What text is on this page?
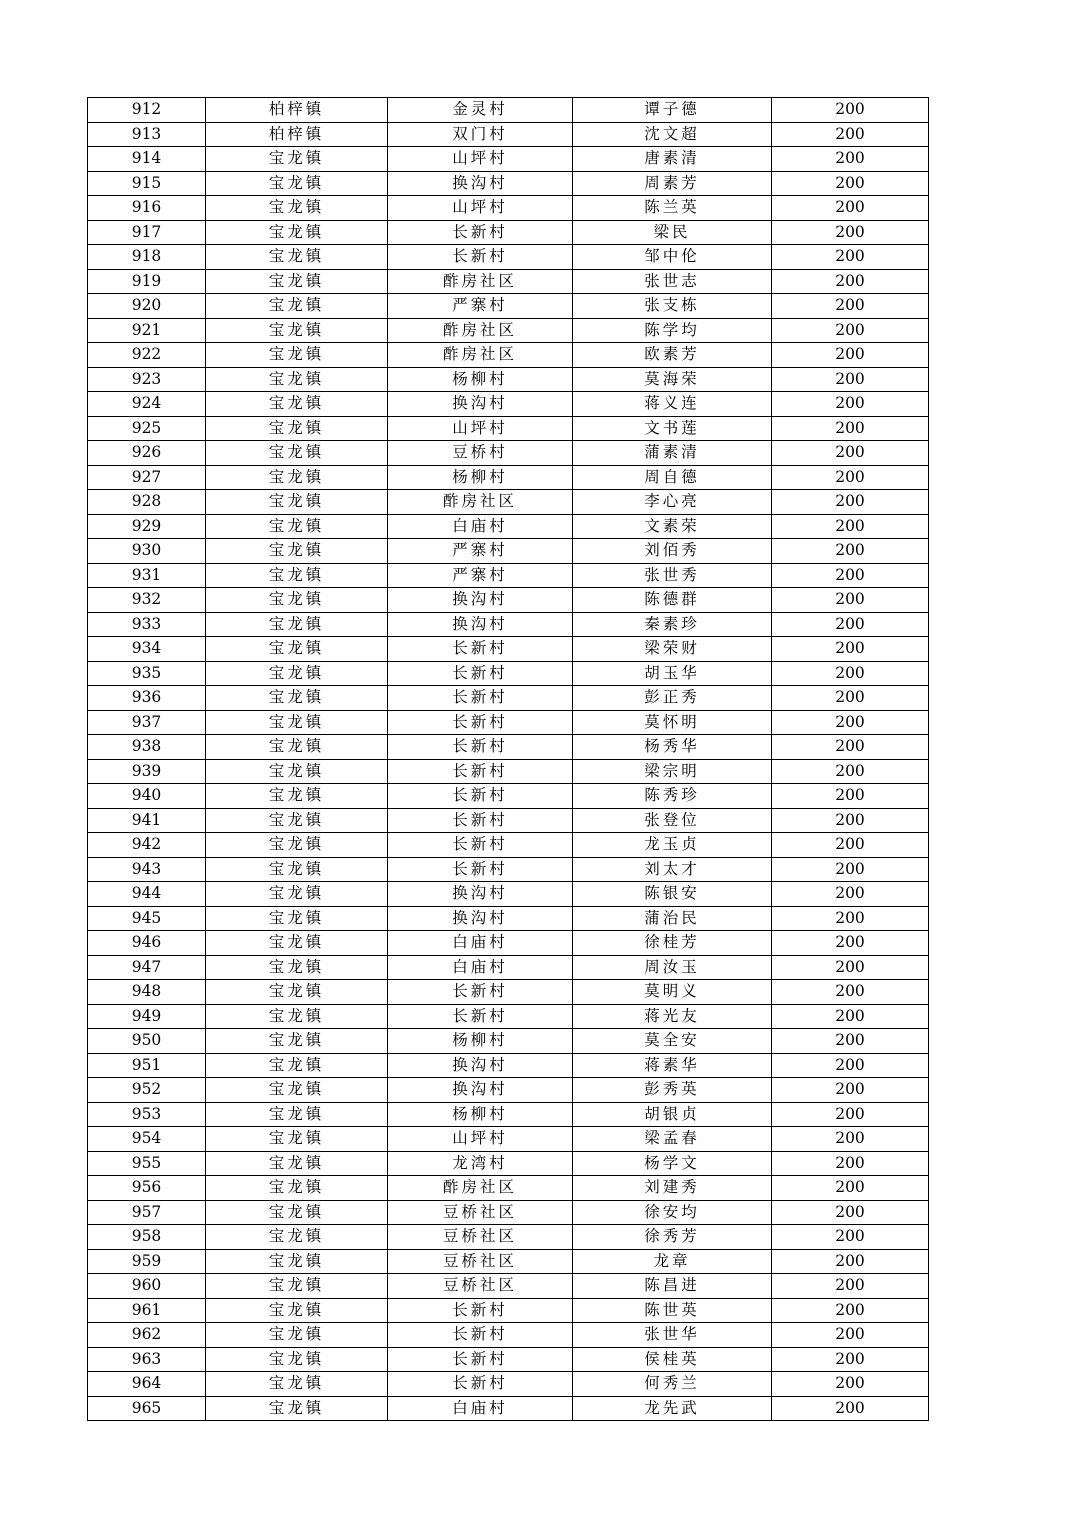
912	柏梓镇	金灵村	谭子德	200
913	柏梓镇	双门村	沈文超	200
914	宝龙镇	山坪村	唐素清	200
915	宝龙镇	换沟村	周素芳	200
916	宝龙镇	山坪村	陈兰英	200
917	宝龙镇	长新村	梁民	200
918	宝龙镇	长新村	邹中伦	200
919	宝龙镇	酢房社区	张世志	200
920	宝龙镇	严寨村	张支栋	200
921	宝龙镇	酢房社区	陈学均	200
922	宝龙镇	酢房社区	欧素芳	200
923	宝龙镇	杨柳村	莫海荣	200
924	宝龙镇	换沟村	蒋义连	200
925	宝龙镇	山坪村	文书莲	200
926	宝龙镇	豆桥村	蒲素清	200
927	宝龙镇	杨柳村	周自德	200
928	宝龙镇	酢房社区	李心亮	200
929	宝龙镇	白庙村	文素荣	200
930	宝龙镇	严寨村	刘佰秀	200
931	宝龙镇	严寨村	张世秀	200
932	宝龙镇	换沟村	陈德群	200
933	宝龙镇	换沟村	秦素珍	200
934	宝龙镇	长新村	梁荣财	200
935	宝龙镇	长新村	胡玉华	200
936	宝龙镇	长新村	彭正秀	200
937	宝龙镇	长新村	莫怀明	200
938	宝龙镇	长新村	杨秀华	200
939	宝龙镇	长新村	梁宗明	200
940	宝龙镇	长新村	陈秀珍	200
941	宝龙镇	长新村	张登位	200
942	宝龙镇	长新村	龙玉贞	200
943	宝龙镇	长新村	刘太才	200
944	宝龙镇	换沟村	陈银安	200
945	宝龙镇	换沟村	蒲治民	200
946	宝龙镇	白庙村	徐桂芳	200
947	宝龙镇	白庙村	周汝玉	200
948	宝龙镇	长新村	莫明义	200
949	宝龙镇	长新村	蒋光友	200
950	宝龙镇	杨柳村	莫全安	200
951	宝龙镇	换沟村	蒋素华	200
952	宝龙镇	换沟村	彭秀英	200
953	宝龙镇	杨柳村	胡银贞	200
954	宝龙镇	山坪村	梁孟春	200
955	宝龙镇	龙湾村	杨学文	200
956	宝龙镇	酢房社区	刘建秀	200
957	宝龙镇	豆桥社区	徐安均	200
958	宝龙镇	豆桥社区	徐秀芳	200
959	宝龙镇	豆桥社区	龙章	200
960	宝龙镇	豆桥社区	陈昌进	200
961	宝龙镇	长新村	陈世英	200
962	宝龙镇	长新村	张世华	200
963	宝龙镇	长新村	侯桂英	200
964	宝龙镇	长新村	何秀兰	200
965	宝龙镇	白庙村	龙先武	200
